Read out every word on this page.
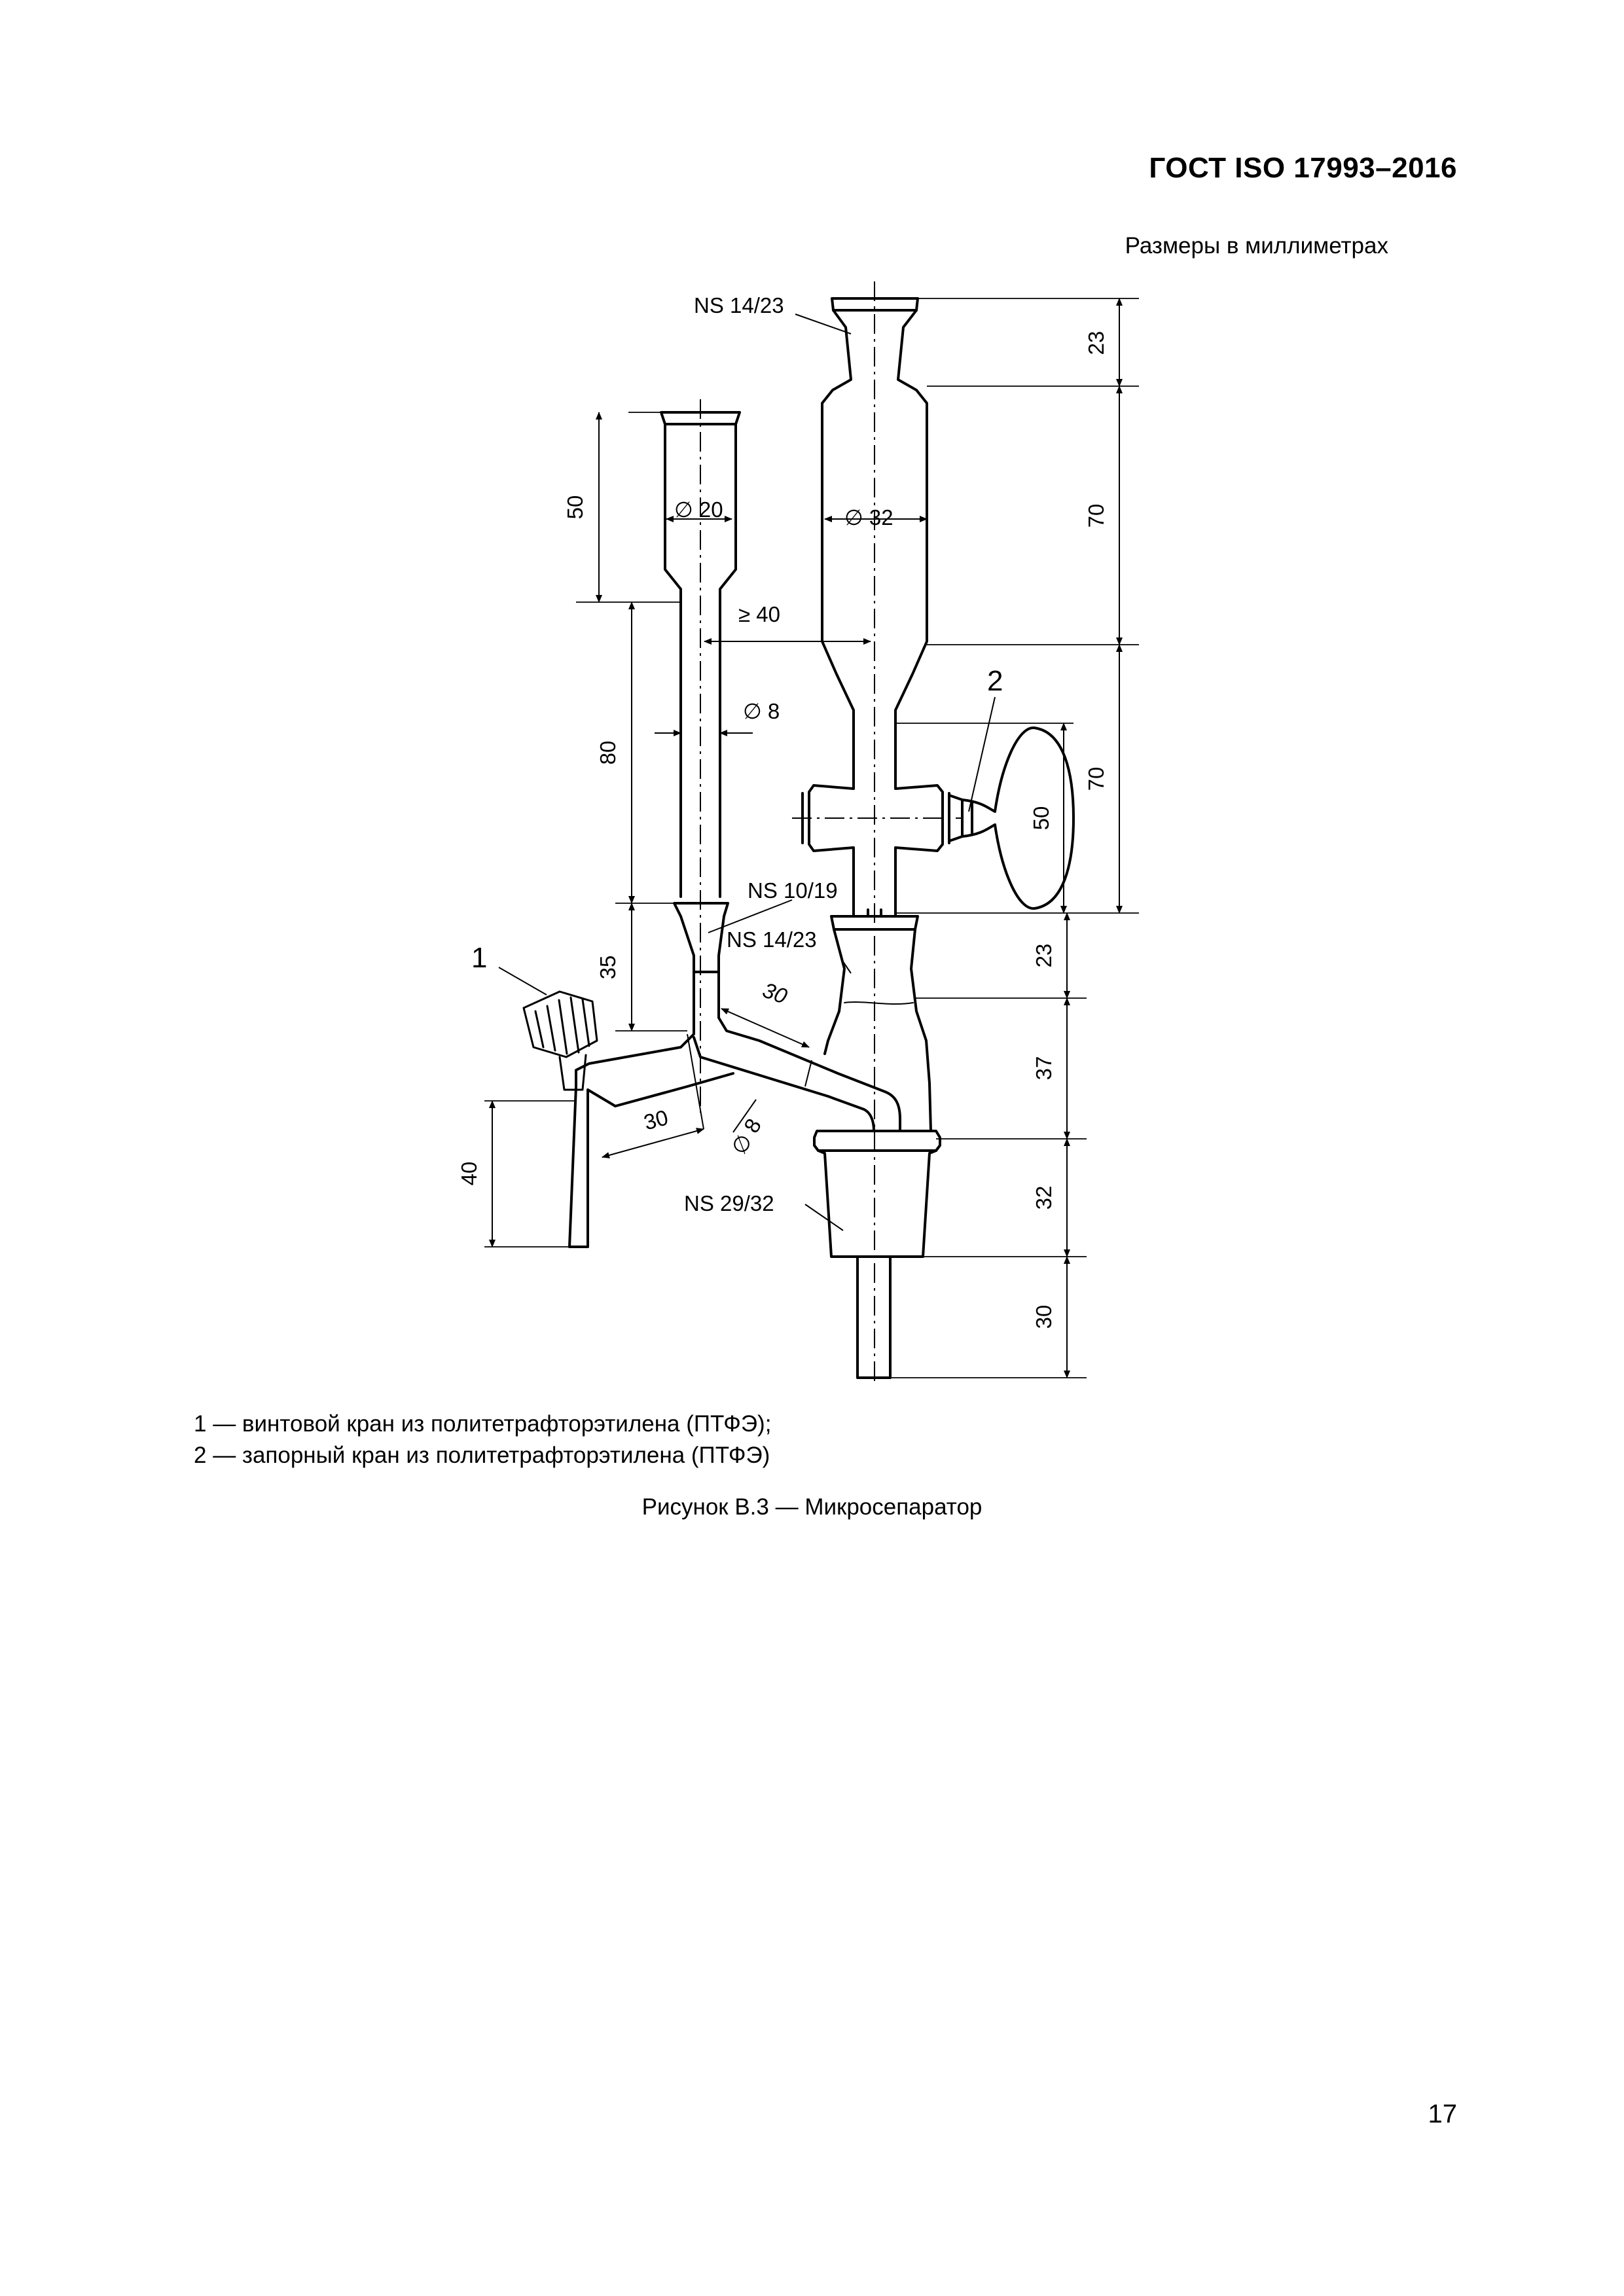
ГОСТ ISO 17993–2016
Размеры в миллиметрах
NS 14/23
∅ 32
∅ 20
≥ 40
∅ 8
NS 10/19
NS 14/23
NS 29/32
1
2
23
70
70
50
23
37
32
30
50
80
35
40
30
30	∅ 8
1 — винтовой кран из политетрафторэтилена (ПТФЭ);
2 — запорный кран из политетрафторэтилена (ПТФЭ)
Рисунок В.3 — Микросепаратор
17
